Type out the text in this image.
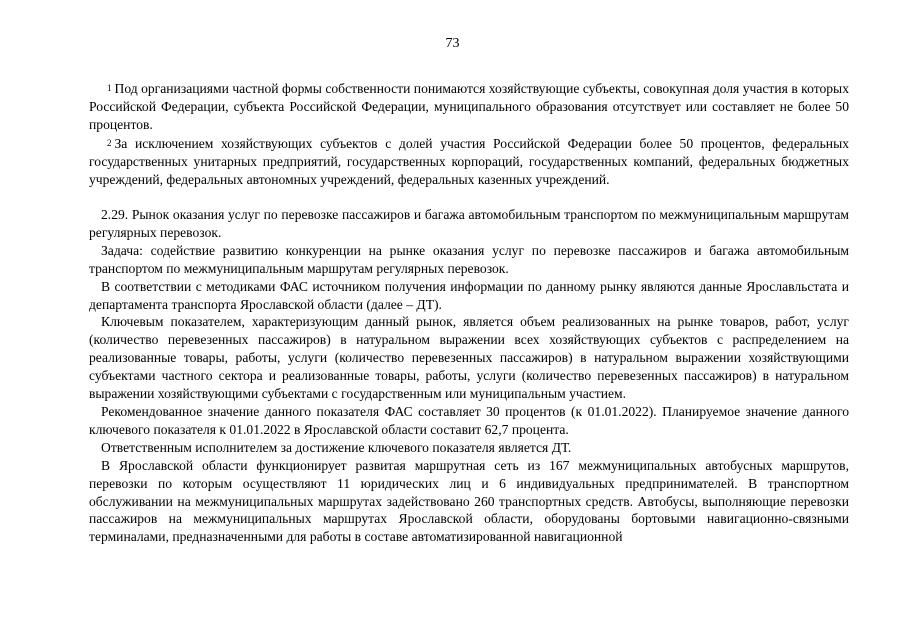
73

$^1$ Под организациями частной формы собственности понимаются хозяйствующие субъекты, совокупная доля участия в которых Российской Федерации, субъекта Российской Федерации, муниципального образования отсутствует или составляет не более 50 процентов.

$^2$ За исключением хозяйствующих субъектов с долей участия Российской Федерации более 50 процентов, федеральных государственных унитарных предприятий, государственных корпораций, государственных компаний, федеральных бюджетных учреждений, федеральных автономных учреждений, федеральных казенных учреждений.

2.29. Рынок оказания услуг по перевозке пассажиров и багажа автомобильным транспортом по межмуниципальным маршрутам регулярных перевозок.

Задача: содействие развитию конкуренции на рынке оказания услуг по перевозке пассажиров и багажа автомобильным транспортом по межмуниципальным маршрутам регулярных перевозок.

В соответствии с методиками ФАС источником получения информации по данному рынку являются данные Ярославльстата и департамента транспорта Ярославской области (далее – ДТ).

Ключевым показателем, характеризующим данный рынок, является объем реализованных на рынке товаров, работ, услуг (количество перевезенных пассажиров) в натуральном выражении всех хозяйствующих субъектов с распределением на реализованные товары, работы, услуги (количество перевезенных пассажиров) в натуральном выражении хозяйствующими субъектами частного сектора и реализованные товары, работы, услуги (количество перевезенных пассажиров) в натуральном выражении хозяйствующими субъектами с государственным или муниципальным участием.

Рекомендованное значение данного показателя ФАС составляет 30 процентов (к 01.01.2022). Планируемое значение данного ключевого показателя к 01.01.2022 в Ярославской области составит 62,7 процента.

Ответственным исполнителем за достижение ключевого показателя является ДТ.

В Ярославской области функционирует развитая маршрутная сеть из 167 межмуниципальных автобусных маршрутов, перевозки по которым осуществляют 11 юридических лиц и 6 индивидуальных предпринимателей. В транспортном обслуживании на межмуниципальных маршрутах задействовано 260 транспортных средств. Автобусы, выполняющие перевозки пассажиров на межмуниципальных маршрутах Ярославской области, оборудованы бортовыми навигационно-связными терминалами, предназначенными для работы в составе автоматизированной навигационной
